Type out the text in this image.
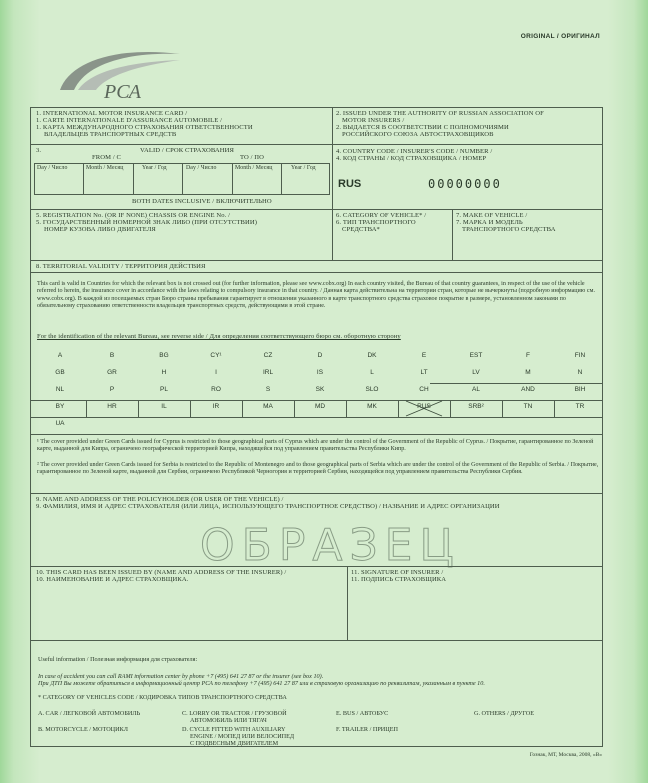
ORIGINAL / ОРИГИНАЛ
РСА
1. INTERNATIONAL MOTOR INSURANCE CARD /
1. CARTE INTERNATIONALE D'ASSURANCE AUTOMOBILE /
1. КАРТА МЕЖДУНАРОДНОГО СТРАХОВАНИЯ ОТВЕТСТВЕННОСТИ
ВЛАДЕЛЬЦЕВ ТРАНСПОРТНЫХ СРЕДСТВ
2. ISSUED UNDER THE AUTHORITY OF RUSSIAN ASSOCIATION OF
MOTOR INSURERS /
2. ВЫДАЕТСЯ В СООТВЕТСТВИИ С ПОЛНОМОЧИЯМИ
РОССИЙСКОГО СОЮЗА АВТОСТРАХОВЩИКОВ
3.	VALID / СРОК СТРАХОВАНИЯ
FROM / С	TO / ПО
Day / Число	Month / Месяц	Year / Год	Day / Число	Month / Месяц	Year / Год
BOTH DATES INCLUSIVE / ВКЛЮЧИТЕЛЬНО
4. COUNTRY CODE / INSURER'S CODE / NUMBER /
4. КОД СТРАНЫ / КОД СТРАХОВЩИКА / НОМЕР
RUS	00000000
5. REGISTRATION No. (OR IF NONE) CHASSIS OR ENGINE No. /
5. ГОСУДАРСТВЕННЫЙ НОМЕРНОЙ ЗНАК ЛИБО (ПРИ ОТСУТСТВИИ)
НОМЕР КУЗОВА ЛИБО ДВИГАТЕЛЯ
6. CATEGORY OF VEHICLE* /
6. ТИП ТРАНСПОРТНОГО
СРЕДСТВА*
7. MAKE OF VEHICLE /
7. МАРКА И МОДЕЛЬ
ТРАНСПОРТНОГО СРЕДСТВА
8. TERRITORIAL VALIDITY / ТЕРРИТОРИЯ ДЕЙСТВИЯ
This card is valid in Countries for which the relevant box is not crossed out (for further information, please see www.cobx.org) In each country visited, the Bureau of that country guarantees, in respect of the use of the vehicle referred to herein, the insurance cover in accordance with the laws relating to compulsory insurance in that country. / Данная карта действительна на территории стран, которые не вычеркнуты (подробную информацию см. www.cobx.org). В каждой из посещаемых стран Бюро страны пребывания гарантирует в отношении указанного в карте транспортного средства страховое покрытие в размере, установленном законами по обязательному страхованию ответственности владельцев транспортных средств, действующими в этой стране.
For the identification of the relevant Bureau, see reverse side / Для определения соответствующего бюро см. оборотную сторону
A	B	BG	CY¹	CZ	D	DK	E	EST	F	FIN
GB	GR	H	I	IRL	IS	L	LT	LV	M	N
NL	P	PL	RO	S	SK	SLO	CH	AL	AND	BIH
BY	HR	IL	IR	MA	MD	MK	RUS	SRB²	TN	TR
UA
¹ The cover provided under Green Cards issued for Cyprus is restricted to those geographical parts of Cyprus which are under the control of the Government of the Republic of Cyprus. / Покрытие, гарантированное по Зеленой карте, выданной для Кипра, ограничено географической территорией Кипра, находящейся под управлением правительства Республики Кипр.
² The cover provided under Green Cards issued for Serbia is restricted to the Republic of Montenegro and to those geographical parts of Serbia which are under the control of the Government of the Republic of Serbia. / Покрытие, гарантированное по Зеленой карте, выданной для Сербии, ограничено Республикой Черногория и территорией Сербии, находящейся под управлением правительства Республики Сербия.
9. NAME AND ADDRESS OF THE POLICYHOLDER (OR USER OF THE VEHICLE) /
9. ФАМИЛИЯ, ИМЯ И АДРЕС СТРАХОВАТЕЛЯ (ИЛИ ЛИЦА, ИСПОЛЬЗУЮЩЕГО ТРАНСПОРТНОЕ СРЕДСТВО) / НАЗВАНИЕ И АДРЕС ОРГАНИЗАЦИИ
ОБРАЗЕЦ
10. THIS CARD HAS BEEN ISSUED BY (NAME AND ADDRESS OF THE INSURER) /
10. НАИМЕНОВАНИЕ И АДРЕС СТРАХОВЩИКА.
11. SIGNATURE OF INSURER /
11. ПОДПИСЬ СТРАХОВЩИКА
Useful information / Полезная информация для страхователя:
In case of accident you can call RAMI information center by phone +7 (495) 641 27 87 or the insurer (see box 10).
При ДТП Вы можете обратиться в информационный центр РСА по телефону +7 (495) 641 27 87 или в страховую организацию по реквизитам, указанным в пункте 10.
* CATEGORY OF VEHICLES CODE / КОДИРОВКА ТИПОВ ТРАНСПОРТНОГО СРЕДСТВА
A. CAR / ЛЕГКОВОЙ АВТОМОБИЛЬ
B. MOTORCYCLE / МОТОЦИКЛ
C. LORRY OR TRACTOR / ГРУЗОВОЙ
АВТОМОБИЛЬ ИЛИ ТЯГАЧ
D. CYCLE FITTED WITH AUXILIARY
ENGINE / МОПЕД ИЛИ ВЕЛОСИПЕД
С ПОДВЕСНЫМ ДВИГАТЕЛЕМ
E. BUS / АВТОБУС
F. TRAILER / ПРИЦЕП
G. OTHERS / ДРУГОЕ
Гознак, МТ, Москва, 2008, «В»
